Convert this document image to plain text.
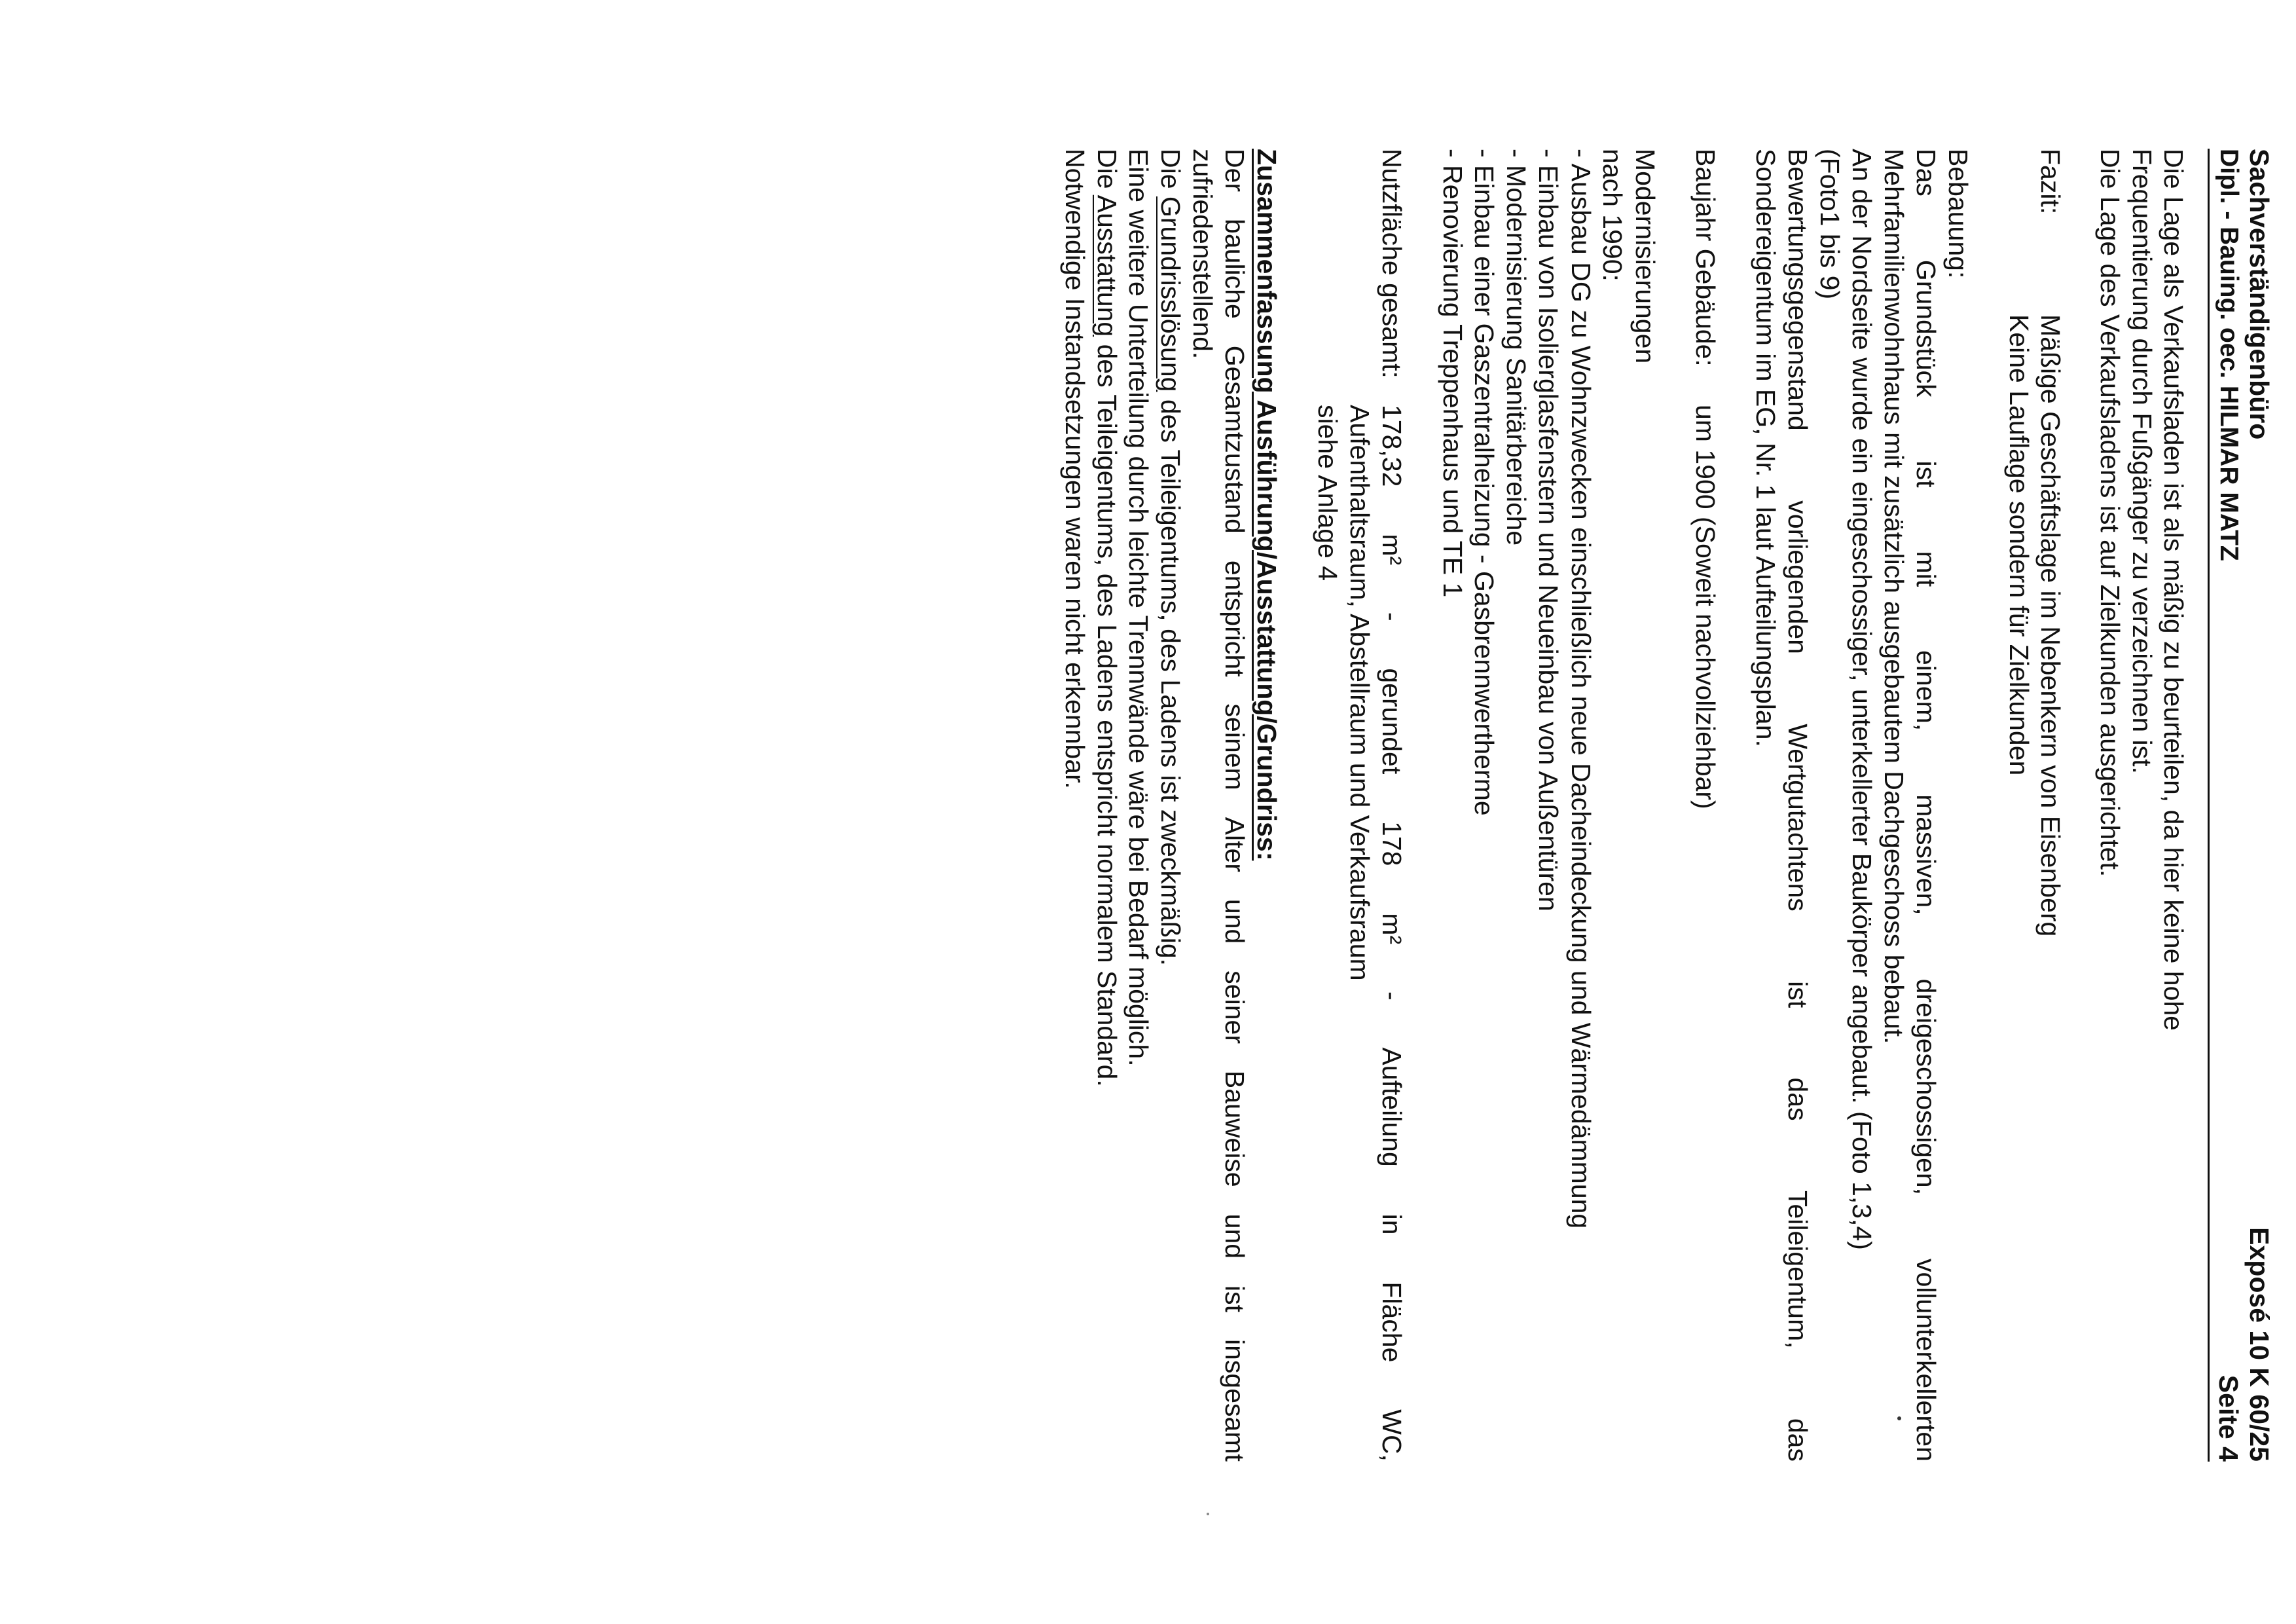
Sachverständigenbüro
Dipl. - Bauing. oec. HILMAR MATZ
Exposé 10 K 60/25
Seite 4
Die Lage als Verkaufsladen ist als mäßig zu beurteilen, da hier keine hohe
Frequentierung durch Fußgänger zu verzeichnen ist.
Die Lage des Verkaufsladens ist auf Zielkunden ausgerichtet.
Fazit:
Mäßige Geschäftslage im Nebenkern von Eisenberg
Keine Lauflage sondern für Zielkunden
Bebauung:
Das
Grundstück
ist
mit
einem,
massiven,
dreigeschossigen,
vollunterkellerten
Mehrfamilienwohnhaus mit zusätzlich ausgebautem Dachgeschoss bebaut.
An der Nordseite wurde ein eingeschossiger, unterkellerter Baukörper angebaut. (Foto 1,3,4)
(Foto1 bis 9)
Bewertungsgegenstand
vorliegenden
Wertgutachtens
ist
das
Teileigentum,
das
Sondereigentum im EG, Nr. 1 laut Aufteilungsplan.
Baujahr Gebäude:
um 1900 (Soweit nachvollziehbar)
Modernisierungen
nach 1990:
- Ausbau DG zu Wohnzwecken einschließlich neue Dacheindeckung und Wärmedämmung
- Einbau von Isolierglasfenstern und Neueinbau von Außentüren
- Modernisierung Sanitärbereiche
- Einbau einer Gaszentralheizung - Gasbrennwertherme
- Renovierung Treppenhaus und TE 1
Nutzfläche gesamt:
178,32
m²
-
gerundet
178
m²
-
Aufteilung
in
Fläche
WC,
Aufenthaltsraum, Abstellraum und Verkaufsraum
siehe Anlage 4
Zusammenfassung Ausführung/Ausstattung/Grundriss:
Der
bauliche
Gesamtzustand
entspricht
seinem
Alter
und
seiner
Bauweise
und
ist
insgesamt
zufriedenstellend.
Die Grundrisslösung des Teileigentums, des Ladens ist zweckmäßig.
Eine weitere Unterteilung durch leichte Trennwände wäre bei Bedarf möglich.
Die Ausstattung des Teileigentums, des Ladens entspricht normalem Standard.
Notwendige Instandsetzungen waren nicht erkennbar.
